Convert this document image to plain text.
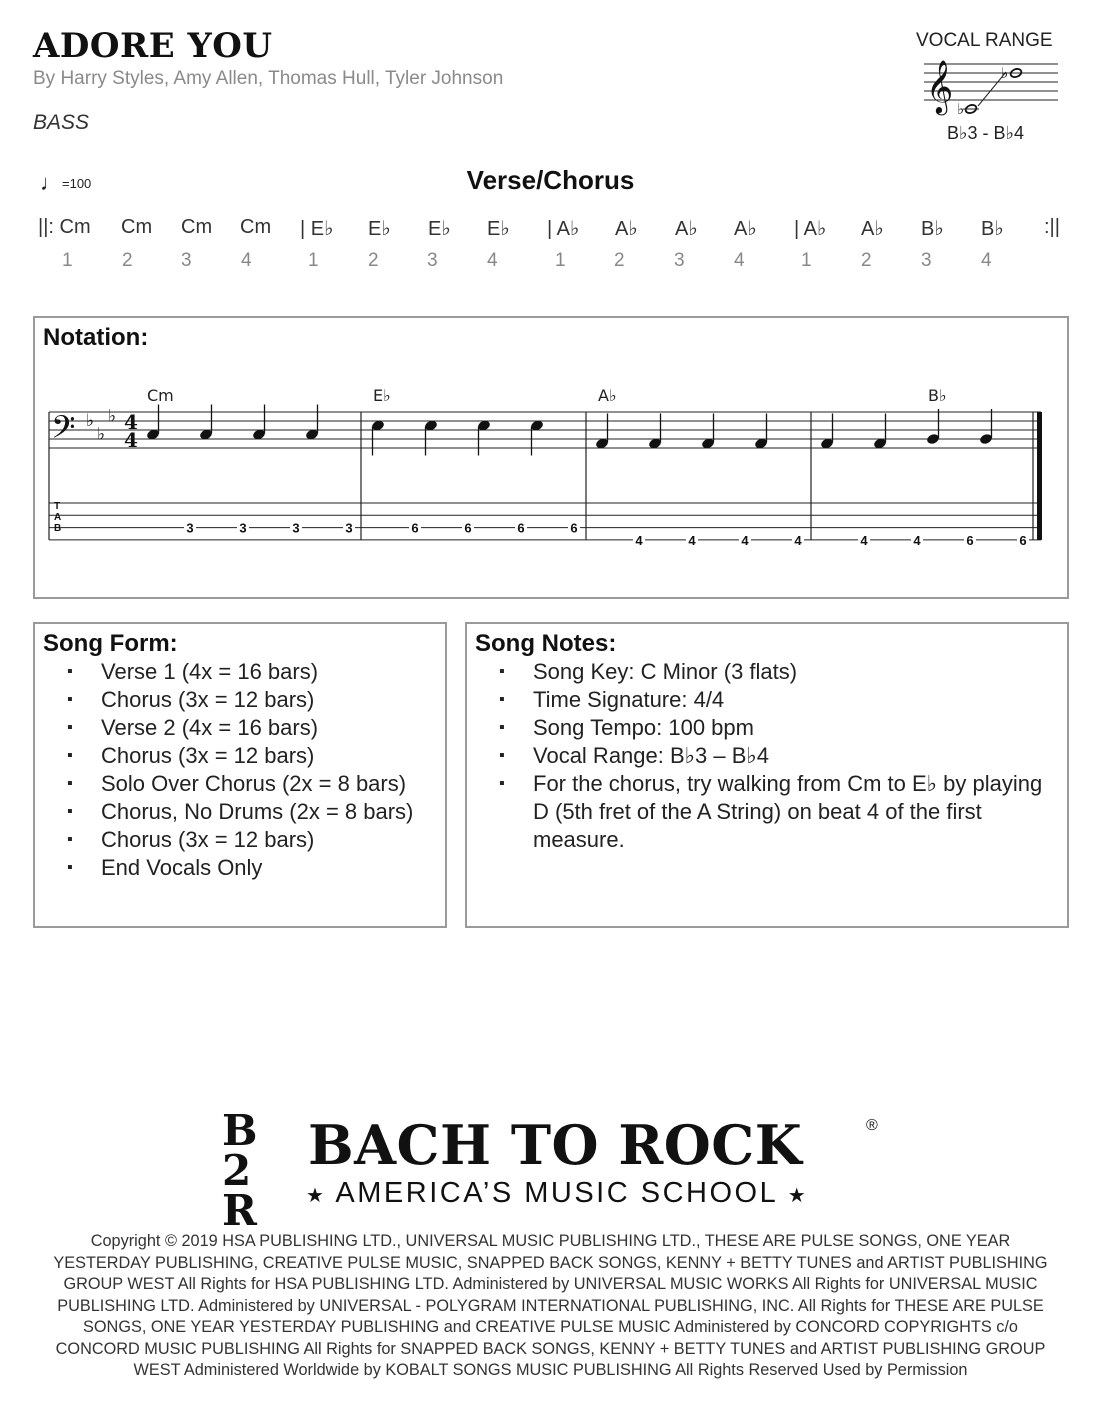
ADORE YOU
By Harry Styles, Amy Allen, Thomas Hull, Tyler Johnson
BASS
VOCAL RANGE
𝄞 ♭
♭
B♭3 - B♭4
♩=100	Verse/Chorus
||: Cm Cm Cm Cm | E♭ E♭ E♭ E♭ | A♭ A♭ A♭ A♭ | A♭ A♭ B♭ B♭ :||
1	2	3	4	1	2	3	4	1	2	3	4	1	2	3	4
Notation:
𝄢 ♭
♭
♭ 4
4
T
A
B
Cm	E♭	A♭	B♭
3	3	3	3	6	6	6	6
4	4	4	4	4	4	6	6
Song Form:
▪ Verse 1 (4x = 16 bars)
▪ Chorus (3x = 12 bars)
▪ Verse 2 (4x = 16 bars)
▪ Chorus (3x = 12 bars)
▪ Solo Over Chorus (2x = 8 bars)
▪ Chorus, No Drums (2x = 8 bars)
▪ Chorus (3x = 12 bars)
▪ End Vocals Only
Song Notes:
▪ Song Key: C Minor (3 flats)
▪ Time Signature: 4/4
▪ Song Tempo: 100 bpm
▪ Vocal Range: B♭3 – B♭4
▪ For the chorus, try walking from Cm to E♭ by playing D (5th fret of the A String) on beat 4 of the first measure.
B2R
BACH TO ROCK	®
★ AMERICA’S MUSIC SCHOOL ★
Copyright © 2019 HSA PUBLISHING LTD., UNIVERSAL MUSIC PUBLISHING LTD., THESE ARE PULSE SONGS, ONE YEAR YESTERDAY PUBLISHING, CREATIVE PULSE MUSIC, SNAPPED BACK SONGS, KENNY + BETTY TUNES and ARTIST PUBLISHING GROUP WEST All Rights for HSA PUBLISHING LTD. Administered by UNIVERSAL MUSIC WORKS All Rights for UNIVERSAL MUSIC PUBLISHING LTD. Administered by UNIVERSAL - POLYGRAM INTERNATIONAL PUBLISHING, INC. All Rights for THESE ARE PULSE SONGS, ONE YEAR YESTERDAY PUBLISHING and CREATIVE PULSE MUSIC Administered by CONCORD COPYRIGHTS c/o CONCORD MUSIC PUBLISHING All Rights for SNAPPED BACK SONGS, KENNY + BETTY TUNES and ARTIST PUBLISHING GROUP WEST Administered Worldwide by KOBALT SONGS MUSIC PUBLISHING All Rights Reserved Used by Permission
